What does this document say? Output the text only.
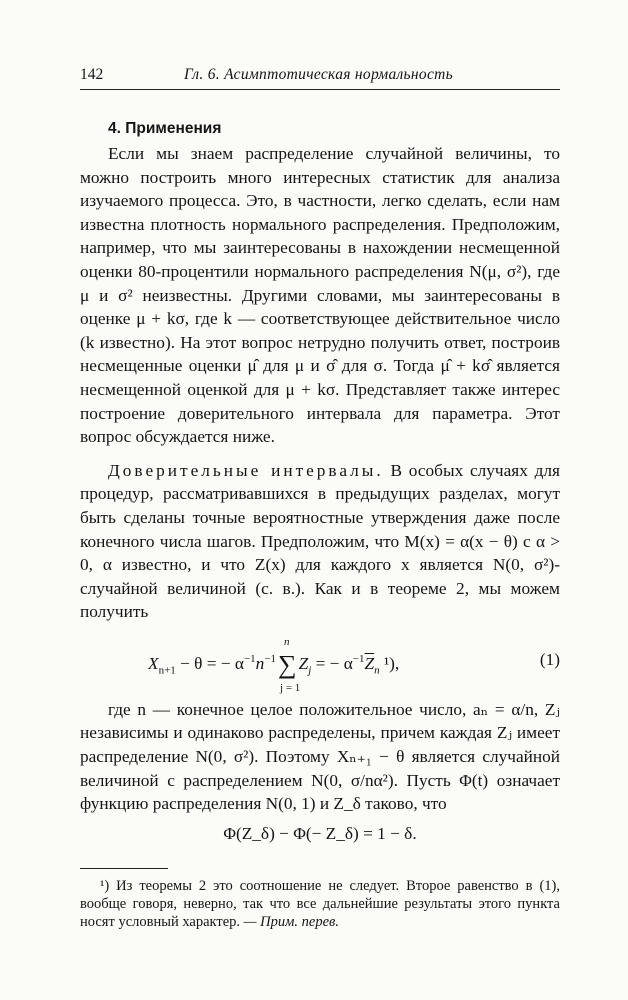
142	Гл. 6. Асимптотическая нормальность
4. Применения

Если мы знаем распределение случайной величины, то можно построить много интересных статистик для анализа изучаемого процесса. Это, в частности, легко сделать, если нам известна плотность нормального распределения. Предположим, например, что мы заинтересованы в нахождении несмещенной оценки 80-процентили нормального распределения N(μ, σ²), где μ и σ² неизвестны. Другими словами, мы заинтересованы в оценке μ + kσ, где k — соответствующее действительное число (k известно). На этот вопрос нетрудно получить ответ, построив несмещенные оценки μ̂ для μ и σ̂ для σ. Тогда μ̂ + kσ̂ является несмещенной оценкой для μ + kσ. Представляет также интерес построение доверительного интервала для параметра. Этот вопрос обсуждается ниже.

Доверительные интервалы. В особых случаях для процедур, рассматривавшихся в предыдущих разделах, могут быть сделаны точные вероятностные утверждения даже после конечного числа шагов. Предположим, что M(x) = α(x − θ) с α > 0, α известно, и что Z(x) для каждого x является N(0, σ²)-случайной величиной (с. в.). Как и в теореме 2, мы можем получить

$X_{n+1} - \theta$ = − $\alpha^{-1}n^{-1}\sum$
n
j = 1
$Z_j$ = − $\alpha^{-1}\overline{Z}_n$ ¹),	(1)

где n — конечное целое положительное число, aₙ = α/n, Zⱼ независимы и одинаково распределены, причем каждая Zⱼ имеет распределение N(0, σ²). Поэтому Xₙ₊₁ − θ является случайной величиной с распределением N(0, σ/nα²). Пусть Φ(t) означает функцию распределения N(0, 1) и Z_δ таково, что

Φ(Z_δ) − Φ(− Z_δ) = 1 − δ.

¹) Из теоремы 2 это соотношение не следует. Второе равенство в (1), вообще говоря, неверно, так что все дальнейшие результаты этого пункта носят условный характер. — Прим. перев.
